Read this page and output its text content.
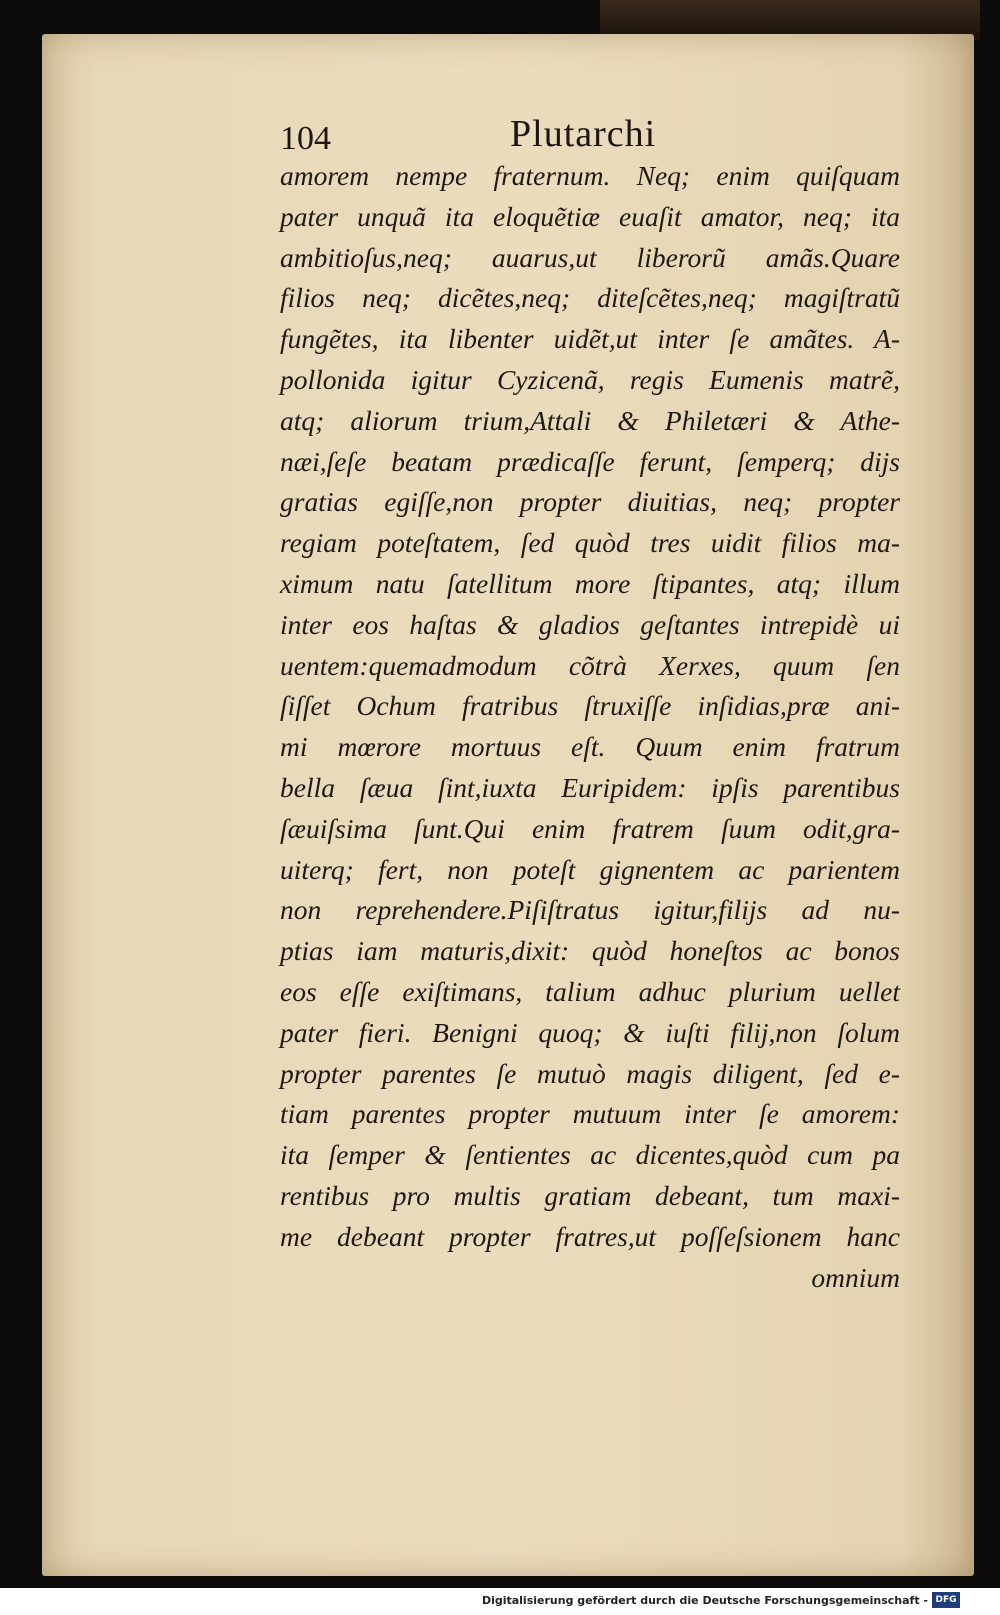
104	Plutarchi
amorem nempe fraternum. Neq; enim quiſquam
pater unquã ita eloquẽtiæ euaſit amator, neq; ita
ambitioſus,neq; auarus,ut liberorũ amãs.Quare
filios neq; dicẽtes,neq; diteſcẽtes,neq; magiſtratũ
fungẽtes, ita libenter uidẽt,ut inter ſe amãtes. A-
pollonida igitur Cyzicenã, regis Eumenis matrẽ,
atq; aliorum trium,Attali & Philetæri & Athe-
næi,ſeſe beatam prædicaſſe ferunt, ſemperq; dijs
gratias egiſſe,non propter diuitias, neq; propter
regiam poteſtatem, ſed quòd tres uidit filios ma-
ximum natu ſatellitum more ſtipantes, atq; illum
inter eos haſtas & gladios geſtantes intrepidè ui
uentem:quemadmodum cõtrà Xerxes, quum ſen
ſiſſet Ochum fratribus ſtruxiſſe inſidias,præ ani-
mi mœrore mortuus eſt. Quum enim fratrum
bella ſæua ſint,iuxta Euripidem: ipſis parentibus
ſæuiſsima ſunt.Qui enim fratrem ſuum odit,gra-
uiterq; fert, non poteſt gignentem ac parientem
non reprehendere.Piſiſtratus igitur,filijs ad nu-
ptias iam maturis,dixit: quòd honeſtos ac bonos
eos eſſe exiſtimans, talium adhuc plurium uellet
pater fieri. Benigni quoq; & iuſti filij,non ſolum
propter parentes ſe mutuò magis diligent, ſed e-
tiam parentes propter mutuum inter ſe amorem:
ita ſemper & ſentientes ac dicentes,quòd cum pa
rentibus pro multis gratiam debeant, tum maxi-
me debeant propter fratres,ut poſſeſsionem hanc
omnium
Digitalisierung gefördert durch die Deutsche Forschungsgemeinschaft - DFG
